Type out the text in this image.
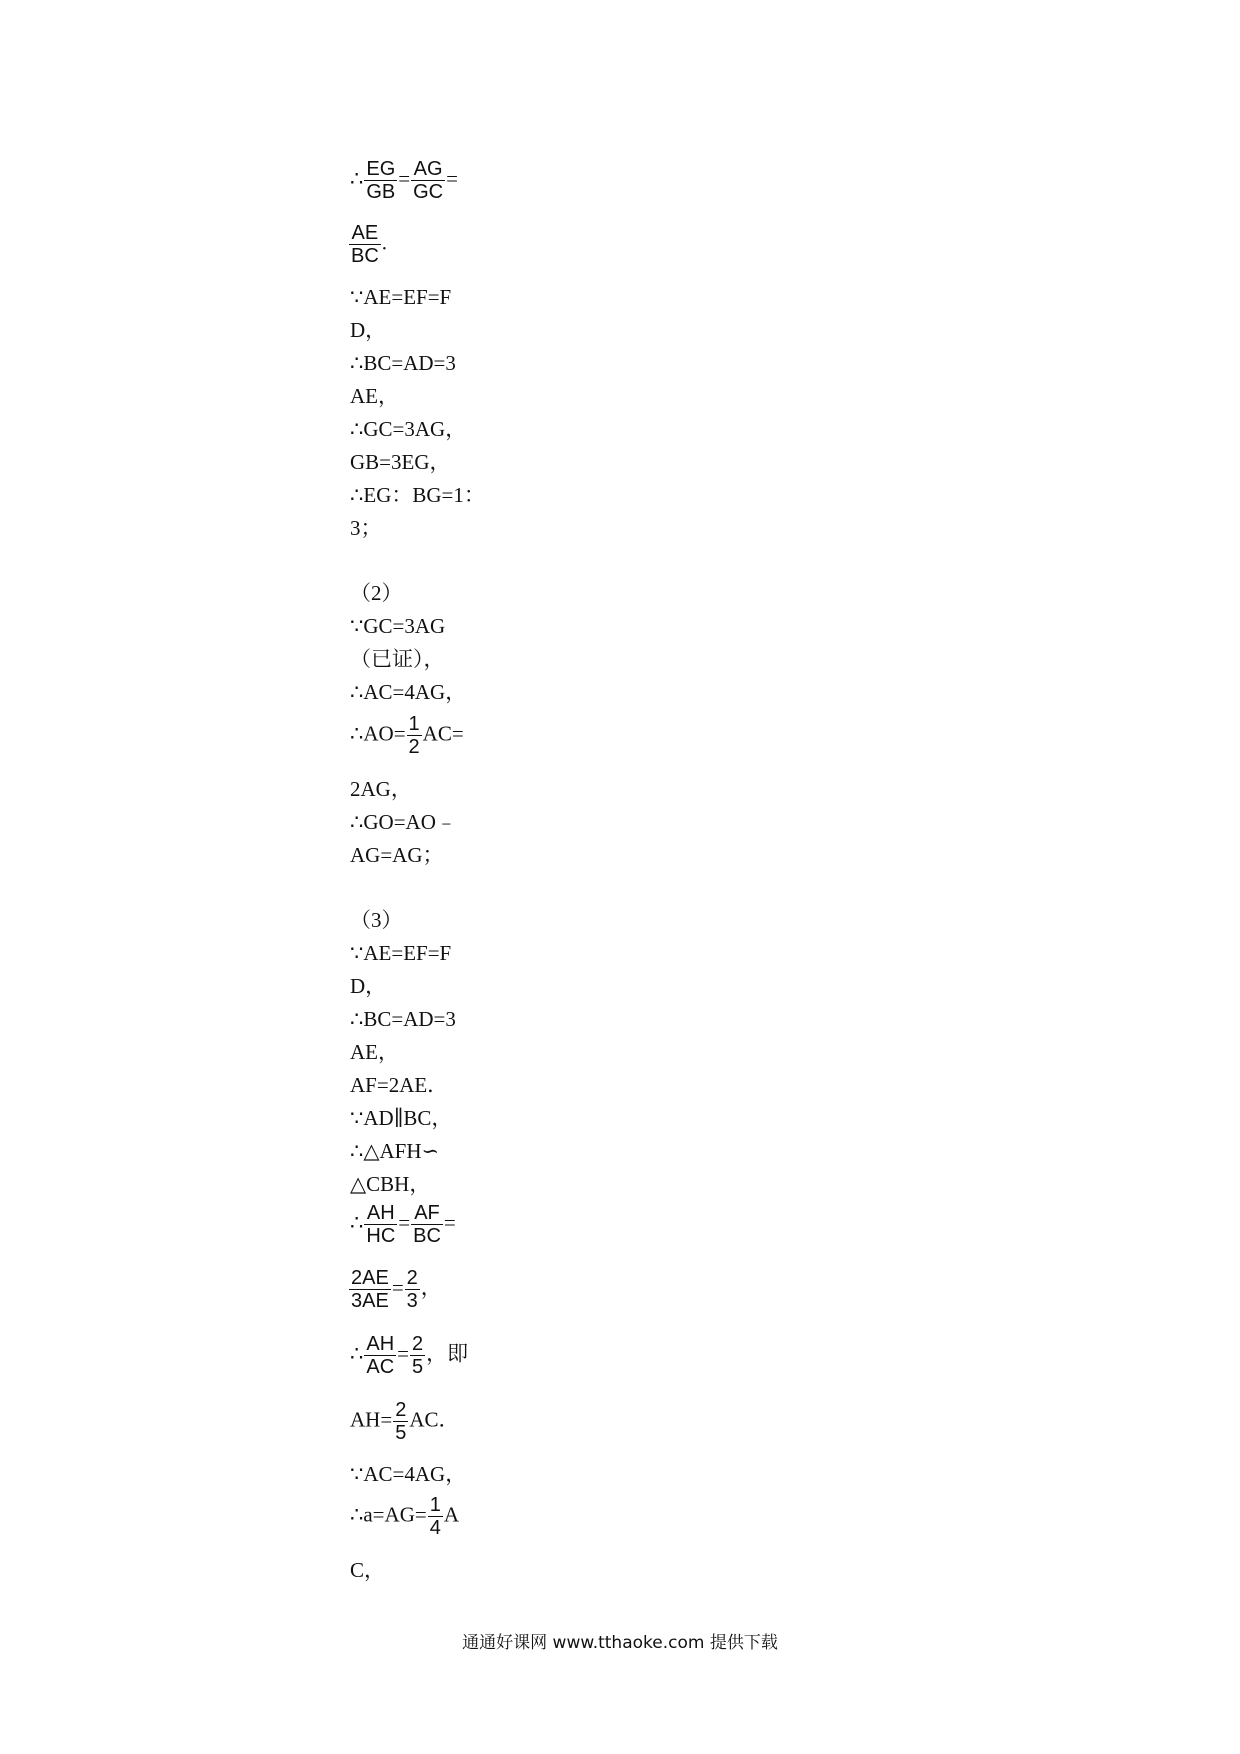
∴ $\frac{EG}{GB} = \frac{AG}{GC}$ =
$\frac{AE}{BC}$ .
∵AE=EF=F
D，
∴BC=AD=3
AE，
∴GC=3AG，
GB=3EG，
∴EG：BG=1：
3；
（2）
∵GC=3AG
（已证），
∴AC=4AG，
∴AO= $\frac{1}{2} AC=$
2AG，
∴GO=AO﹣
AG=AG；
（3）
∵AE=EF=F
D，
∴BC=AD=3
AE，
AF=2AE．
∵AD∥BC，
∴△AFH∽
△CBH，
∴ $\frac{AH}{HC} = \frac{AF}{BC}$ =
$\frac{2AE}{3AE} = \frac{2}{3}$ ，
∴ $\frac{AH}{AC} = \frac{2}{5}$ ，即
$AH= \frac{2}{5}$ AC．
∵AC=4AG，
∴a=AG= $\frac{1}{4}$ A
C，
通通好课网 www.tthaoke.com 提供下载
